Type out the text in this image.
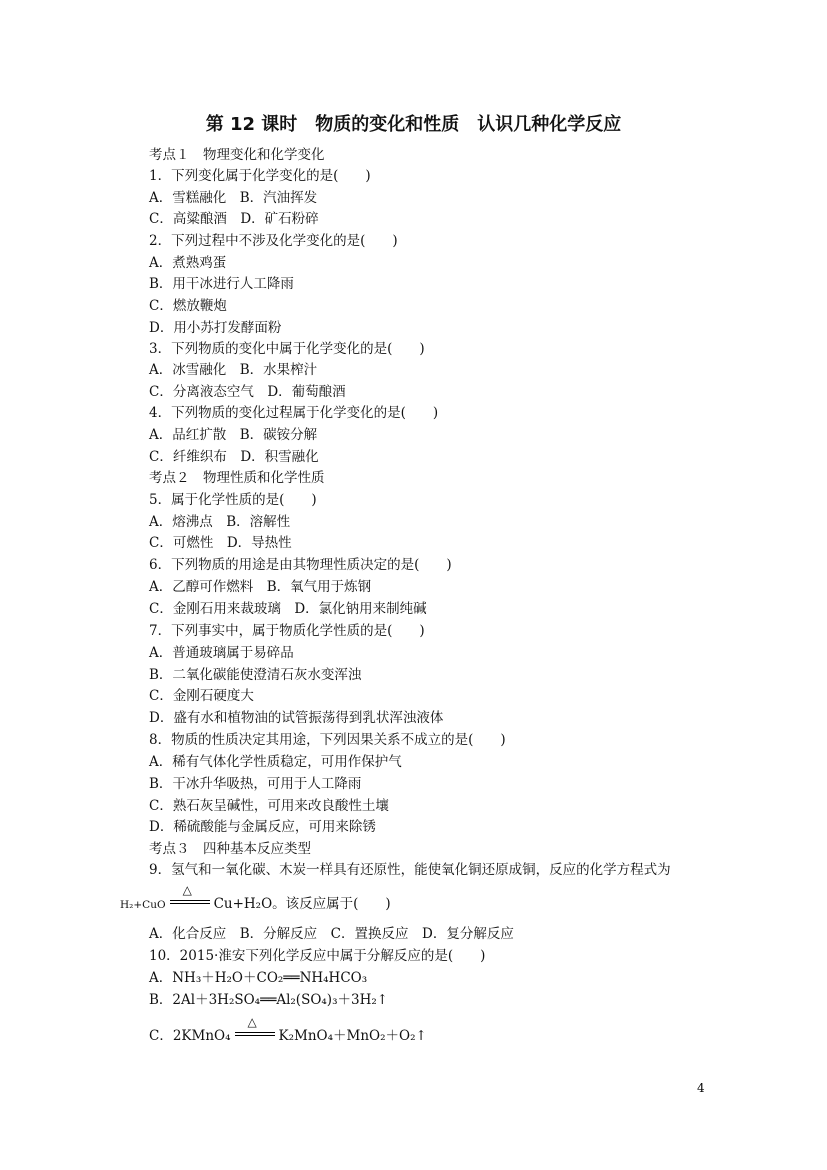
第 12 课时　物质的变化和性质　认识几种化学反应
考点１　物理变化和化学变化
1．下列变化属于化学变化的是(　　)
A．雪糕融化　B．汽油挥发
C．高粱酿酒　D．矿石粉碎
2．下列过程中不涉及化学变化的是(　　)
A．煮熟鸡蛋
B．用干冰进行人工降雨
C．燃放鞭炮
D．用小苏打发酵面粉
3．下列物质的变化中属于化学变化的是(　　)
A．冰雪融化　B．水果榨汁
C．分离液态空气　D．葡萄酿酒
4．下列物质的变化过程属于化学变化的是(　　)
A．品红扩散　B．碳铵分解
C．纤维织布　D．积雪融化
考点２　物理性质和化学性质
5．属于化学性质的是(　　)
A．熔沸点　B．溶解性
C．可燃性　D．导热性
6．下列物质的用途是由其物理性质决定的是(　　)
A．乙醇可作燃料　B．氧气用于炼钢
C．金刚石用来裁玻璃　D．氯化钠用来制纯碱
7．下列事实中，属于物质化学性质的是(　　)
A．普通玻璃属于易碎品
B．二氧化碳能使澄清石灰水变浑浊
C．金刚石硬度大
D．盛有水和植物油的试管振荡得到乳状浑浊液体
8．物质的性质决定其用途，下列因果关系不成立的是(　　)
A．稀有气体化学性质稳定，可用作保护气
B．干冰升华吸热，可用于人工降雨
C．熟石灰呈碱性，可用来改良酸性土壤
D．稀硫酸能与金属反应，可用来除锈
考点３　四种基本反应类型
9．氢气和一氧化碳、木炭一样具有还原性，能使氧化铜还原成铜，反应的化学方程式为
H₂+CuO
△
Cu+H₂O。该反应属于(　　)
A．化合反应　B．分解反应　C．置换反应　D．复分解反应
10．2015·淮安下列化学反应中属于分解反应的是(　　)
A．NH₃＋H₂O＋CO₂══NH₄HCO₃
B．2Al＋3H₂SO₄══Al₂(SO₄)₃＋3H₂↑
C．2KMnO₄
△
K₂MnO₄＋MnO₂＋O₂↑
4
